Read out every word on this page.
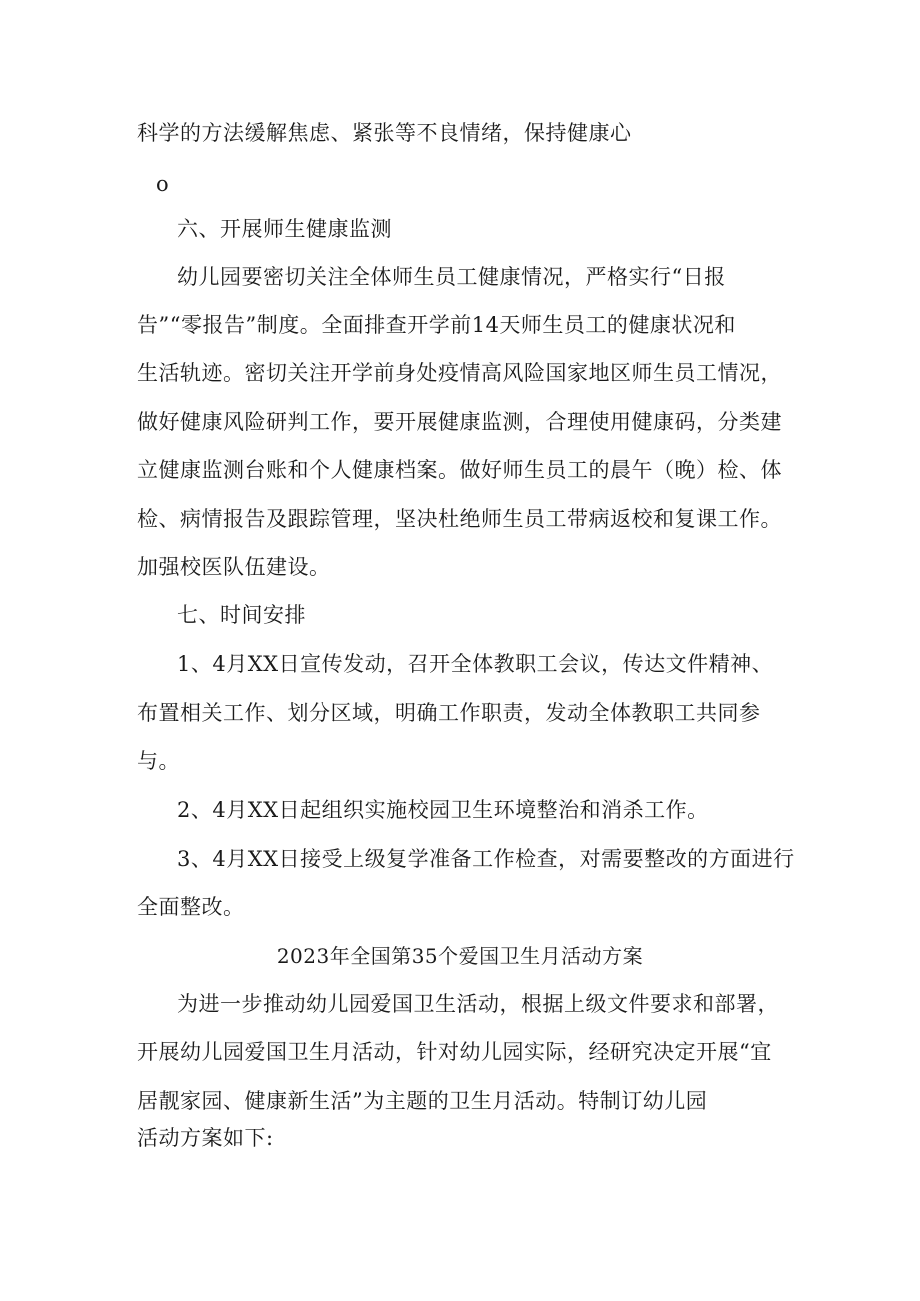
科学的方法缓解焦虑、紧张等不良情绪，保持健康心
o
六、开展师生健康监测
幼儿园要密切关注全体师生员工健康情况，严格实行“日报
告”“零报告”制度。全面排查开学前14天师生员工的健康状况和
生活轨迹。密切关注开学前身处疫情高风险国家地区师生员工情况，
做好健康风险研判工作，要开展健康监测，合理使用健康码，分类建
立健康监测台账和个人健康档案。做好师生员工的晨午（晚）检、体
检、病情报告及跟踪管理，坚决杜绝师生员工带病返校和复课工作。
加强校医队伍建设。
七、时间安排
1、4月XX日宣传发动，召开全体教职工会议，传达文件精神、
布置相关工作、划分区域，明确工作职责，发动全体教职工共同参
与。
2、4月XX日起组织实施校园卫生环境整治和消杀工作。
3、4月XX日接受上级复学准备工作检查，对需要整改的方面进行
全面整改。
2023年全国第35个爱国卫生月活动方案
为进一步推动幼儿园爱国卫生活动，根据上级文件要求和部署，
开展幼儿园爱国卫生月活动，针对幼儿园实际，经研究决定开展“宜
居靓家园、健康新生活”为主题的卫生月活动。特制订幼儿园
活动方案如下:
